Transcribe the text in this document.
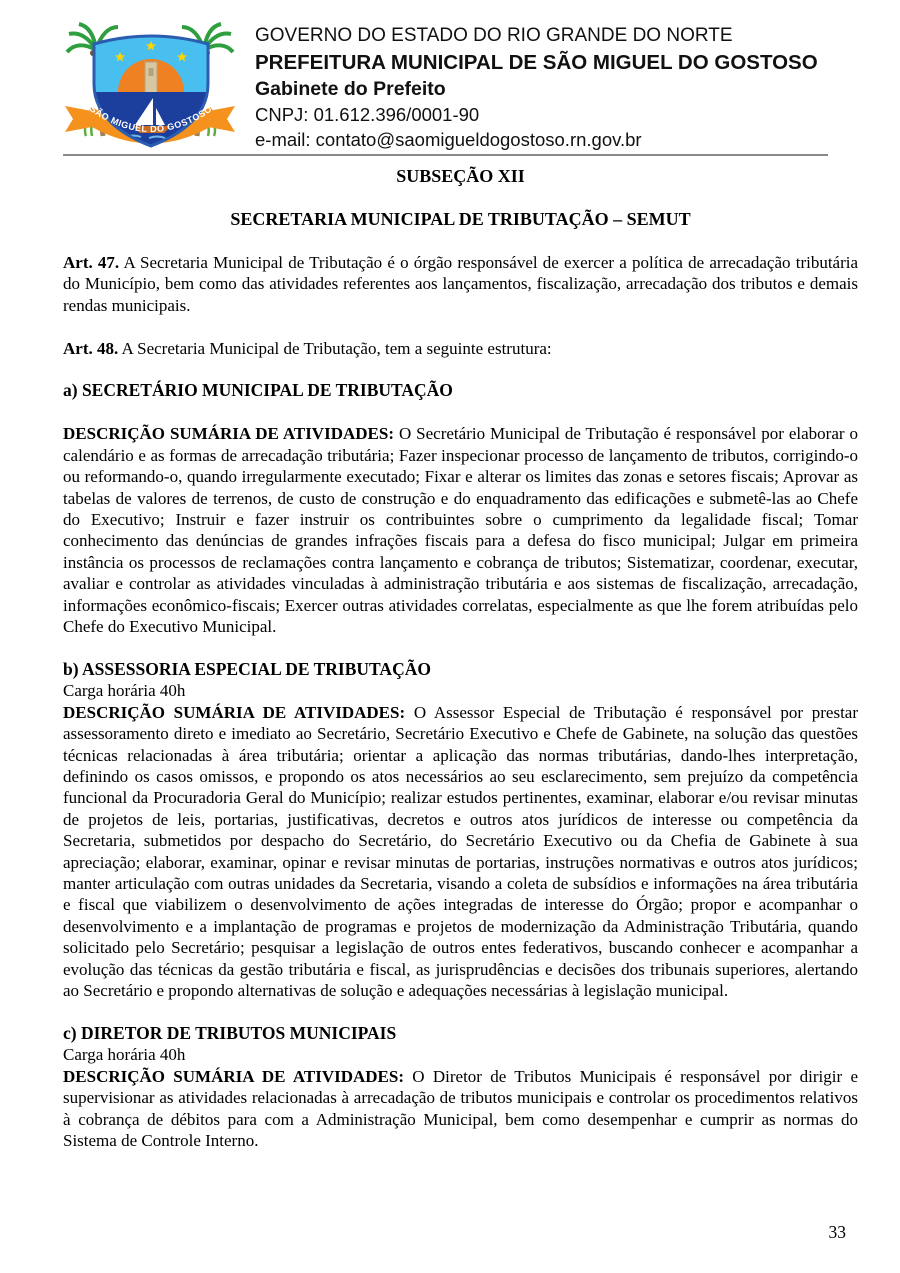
SÃO MIGUEL DO GOSTOSO
GOVERNO DO ESTADO DO RIO GRANDE DO NORTE
PREFEITURA MUNICIPAL DE SÃO MIGUEL DO GOSTOSO
Gabinete do Prefeito
CNPJ: 01.612.396/0001-90
e-mail: contato@saomigueldogostoso.rn.gov.br

SUBSEÇÃO XII

SECRETARIA MUNICIPAL DE TRIBUTAÇÃO – SEMUT

Art. 47. A Secretaria Municipal de Tributação é o órgão responsável de exercer a política de arrecadação tributária do Município, bem como das atividades referentes aos lançamentos, fiscalização, arrecadação dos tributos e demais rendas municipais.

Art. 48. A Secretaria Municipal de Tributação, tem a seguinte estrutura:

a) SECRETÁRIO MUNICIPAL DE TRIBUTAÇÃO

DESCRIÇÃO SUMÁRIA DE ATIVIDADES: O Secretário Municipal de Tributação é responsável por elaborar o calendário e as formas de arrecadação tributária; Fazer inspecionar processo de lançamento de tributos, corrigindo-o ou reformando-o, quando irregularmente executado; Fixar e alterar os limites das zonas e setores fiscais; Aprovar as tabelas de valores de terrenos, de custo de construção e do enquadramento das edificações e submetê-las ao Chefe do Executivo; Instruir e fazer instruir os contribuintes sobre o cumprimento da legalidade fiscal; Tomar conhecimento das denúncias de grandes infrações fiscais para a defesa do fisco municipal; Julgar em primeira instância os processos de reclamações contra lançamento e cobrança de tributos; Sistematizar, coordenar, executar, avaliar e controlar as atividades vinculadas à administração tributária e aos sistemas de fiscalização, arrecadação, informações econômico-fiscais; Exercer outras atividades correlatas, especialmente as que lhe forem atribuídas pelo Chefe do Executivo Municipal.

b) ASSESSORIA ESPECIAL DE TRIBUTAÇÃO

Carga horária 40h

DESCRIÇÃO SUMÁRIA DE ATIVIDADES: O Assessor Especial de Tributação é responsável por prestar assessoramento direto e imediato ao Secretário, Secretário Executivo e Chefe de Gabinete, na solução das questões técnicas relacionadas à área tributária; orientar a aplicação das normas tributárias, dando-lhes interpretação, definindo os casos omissos, e propondo os atos necessários ao seu esclarecimento, sem prejuízo da competência funcional da Procuradoria Geral do Município; realizar estudos pertinentes, examinar, elaborar e/ou revisar minutas de projetos de leis, portarias, justificativas, decretos e outros atos jurídicos de interesse ou competência da Secretaria, submetidos por despacho do Secretário, do Secretário Executivo ou da Chefia de Gabinete à sua apreciação; elaborar, examinar, opinar e revisar minutas de portarias, instruções normativas e outros atos jurídicos; manter articulação com outras unidades da Secretaria, visando a coleta de subsídios e informações na área tributária e fiscal que viabilizem o desenvolvimento de ações integradas de interesse do Órgão; propor e acompanhar o desenvolvimento e a implantação de programas e projetos de modernização da Administração Tributária, quando solicitado pelo Secretário; pesquisar a legislação de outros entes federativos, buscando conhecer e acompanhar a evolução das técnicas da gestão tributária e fiscal, as jurisprudências e decisões dos tribunais superiores, alertando ao Secretário e propondo alternativas de solução e adequações necessárias à legislação municipal.

c) DIRETOR DE TRIBUTOS MUNICIPAIS

Carga horária 40h

DESCRIÇÃO SUMÁRIA DE ATIVIDADES: O Diretor de Tributos Municipais é responsável por dirigir e supervisionar as atividades relacionadas à arrecadação de tributos municipais e controlar os procedimentos relativos à cobrança de débitos para com a Administração Municipal, bem como desempenhar e cumprir as normas do Sistema de Controle Interno.

33
